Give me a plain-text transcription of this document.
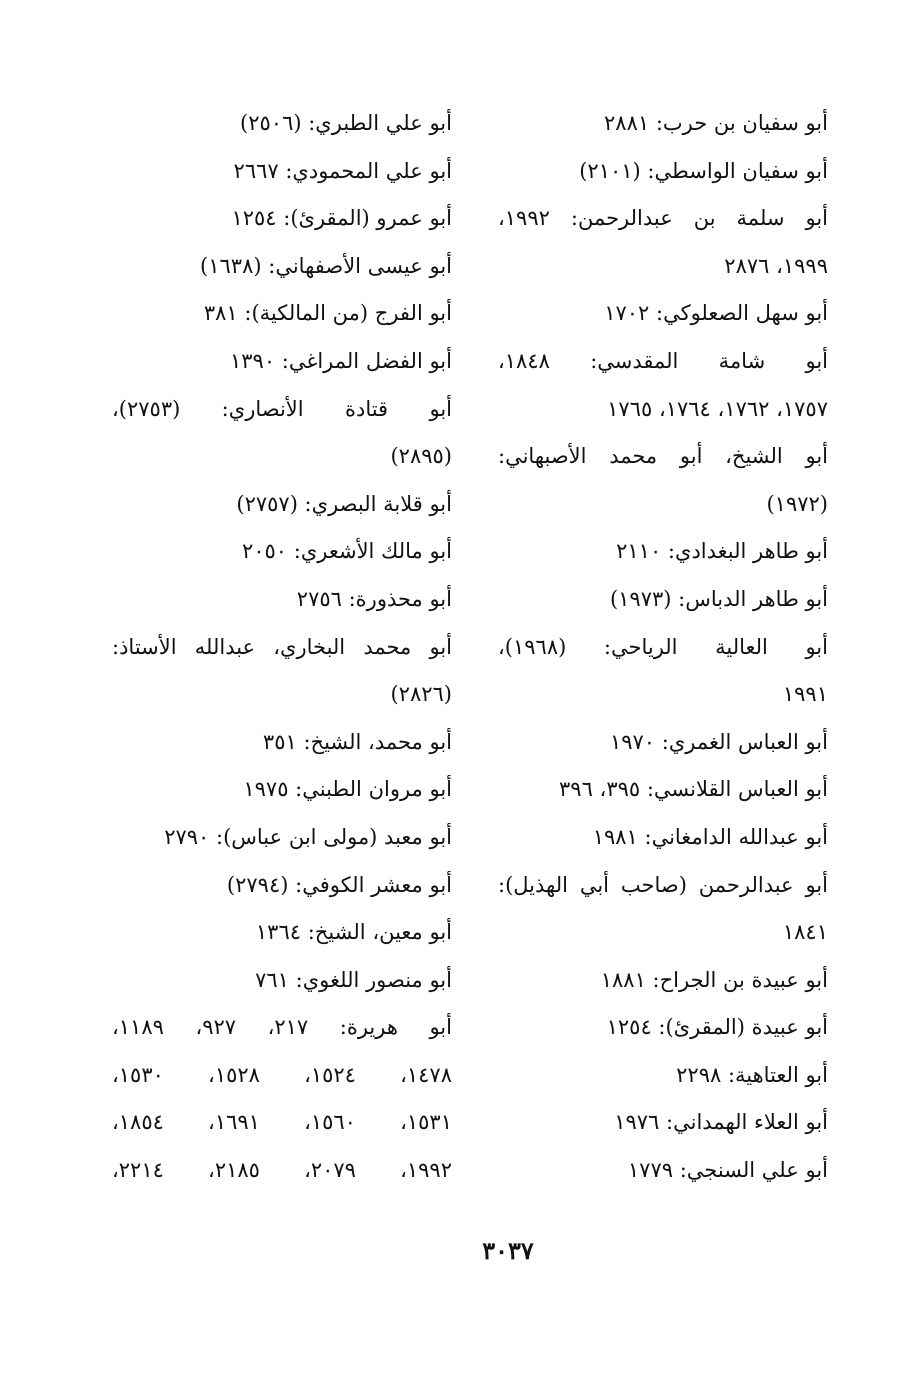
أبو سفيان بن حرب: ٢٨٨١
أبو سفيان الواسطي: (٢١٠١)
أبو سلمة بن عبدالرحمن: ١٩٩٢،
١٩٩٩، ٢٨٧٦
أبو سهل الصعلوكي: ١٧٠٢
أبو شامة المقدسي: ١٨٤٨،
١٧٥٧، ١٧٦٢، ١٧٦٤، ١٧٦٥
أبو الشيخ، أبو محمد الأصبهاني:
(١٩٧٢)
أبو طاهر البغدادي: ٢١١٠
أبو طاهر الدباس: (١٩٧٣)
أبو العالية الرياحي: (١٩٦٨)،
١٩٩١
أبو العباس الغمري: ١٩٧٠
أبو العباس القلانسي: ٣٩٥، ٣٩٦
أبو عبدالله الدامغاني: ١٩٨١
أبو عبدالرحمن (صاحب أبي الهذيل):
١٨٤١
أبو عبيدة بن الجراح: ١٨٨١
أبو عبيدة (المقرئ): ١٢٥٤
أبو العتاهية: ٢٢٩٨
أبو العلاء الهمداني: ١٩٧٦
أبو علي السنجي: ١٧٧٩
أبو علي الطبري: (٢٥٠٦)
أبو علي المحمودي: ٢٦٦٧
أبو عمرو (المقرئ): ١٢٥٤
أبو عيسى الأصفهاني: (١٦٣٨)
أبو الفرج (من المالكية): ٣٨١
أبو الفضل المراغي: ١٣٩٠
أبو قتادة الأنصاري: (٢٧٥٣)،
(٢٨٩٥)
أبو قلابة البصري: (٢٧٥٧)
أبو مالك الأشعري: ٢٠٥٠
أبو محذورة: ٢٧٥٦
أبو محمد البخاري، عبدالله الأستاذ:
(٢٨٢٦)
أبو محمد، الشيخ: ٣٥١
أبو مروان الطبني: ١٩٧٥
أبو معبد (مولى ابن عباس): ٢٧٩٠
أبو معشر الكوفي: (٢٧٩٤)
أبو معين، الشيخ: ١٣٦٤
أبو منصور اللغوي: ٧٦١
أبو هريرة: ٢١٧، ٩٢٧، ١١٨٩،
١٤٧٨، ١٥٢٤، ١٥٢٨، ١٥٣٠،
١٥٣١، ١٥٦٠، ١٦٩١، ١٨٥٤،
١٩٩٢، ٢٠٧٩، ٢١٨٥، ٢٢١٤،
٣٠٣٧
